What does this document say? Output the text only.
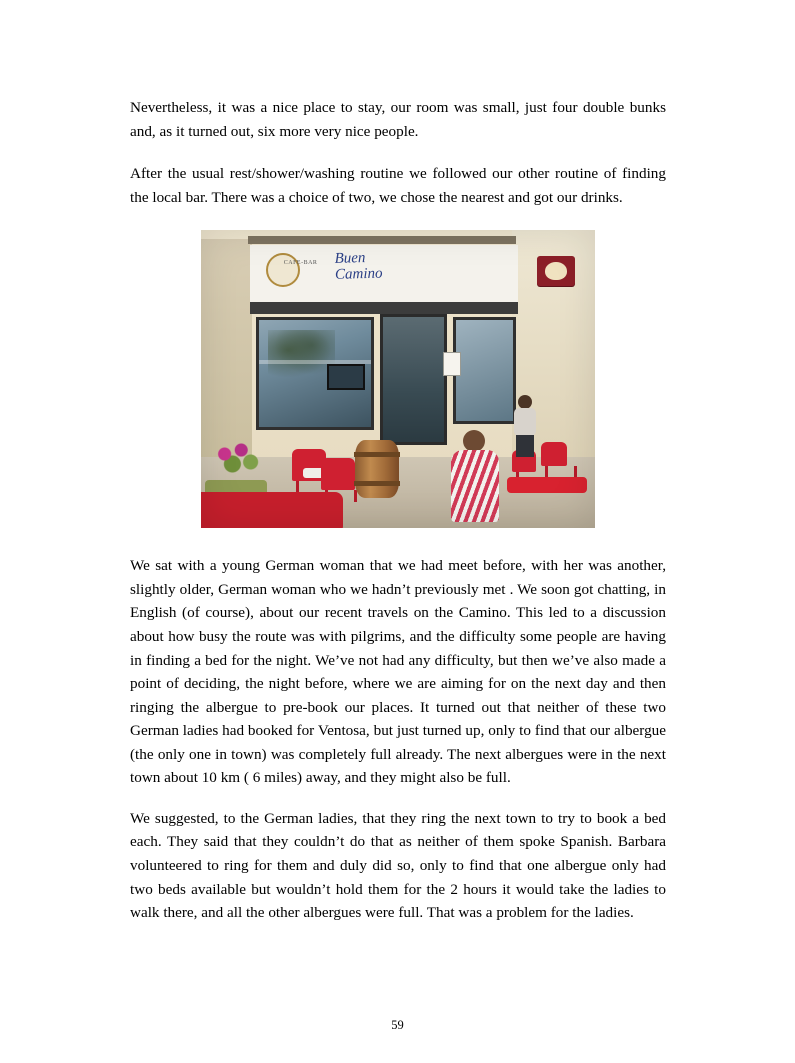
Nevertheless, it was a nice place to stay, our room was small, just four double bunks and, as it turned out, six more very nice people.

After the usual rest/shower/washing routine we followed our other routine of finding the local bar. There was a choice of two, we chose the nearest and got our drinks.

CAFE-BAR Buen
Camino

We sat with a young German woman that we had meet before, with her was another, slightly older, German woman who we hadn’t previously met . We soon got chatting, in English (of course), about our recent travels on the Camino. This led to a discussion about how busy the route was with pilgrims, and the difficulty some people are having in finding a bed for the night. We’ve not had any difficulty, but then we’ve also made a point of deciding, the night before, where we are aiming for on the next day and then ringing the albergue to pre-book our places. It turned out that neither of these two German ladies had booked for Ventosa, but just turned up, only to find that our albergue (the only one in town) was completely full already. The next albergues were in the next town about 10 km ( 6 miles) away, and they might also be full.

We suggested, to the German ladies, that they ring the next town to try to book a bed each. They said that they couldn’t do that as neither of them spoke Spanish. Barbara volunteered to ring for them and duly did so, only to find that one albergue only had two beds available but wouldn’t hold them for the 2 hours it would take the ladies to walk there, and all the other albergues were full. That was a problem for the ladies.

59
